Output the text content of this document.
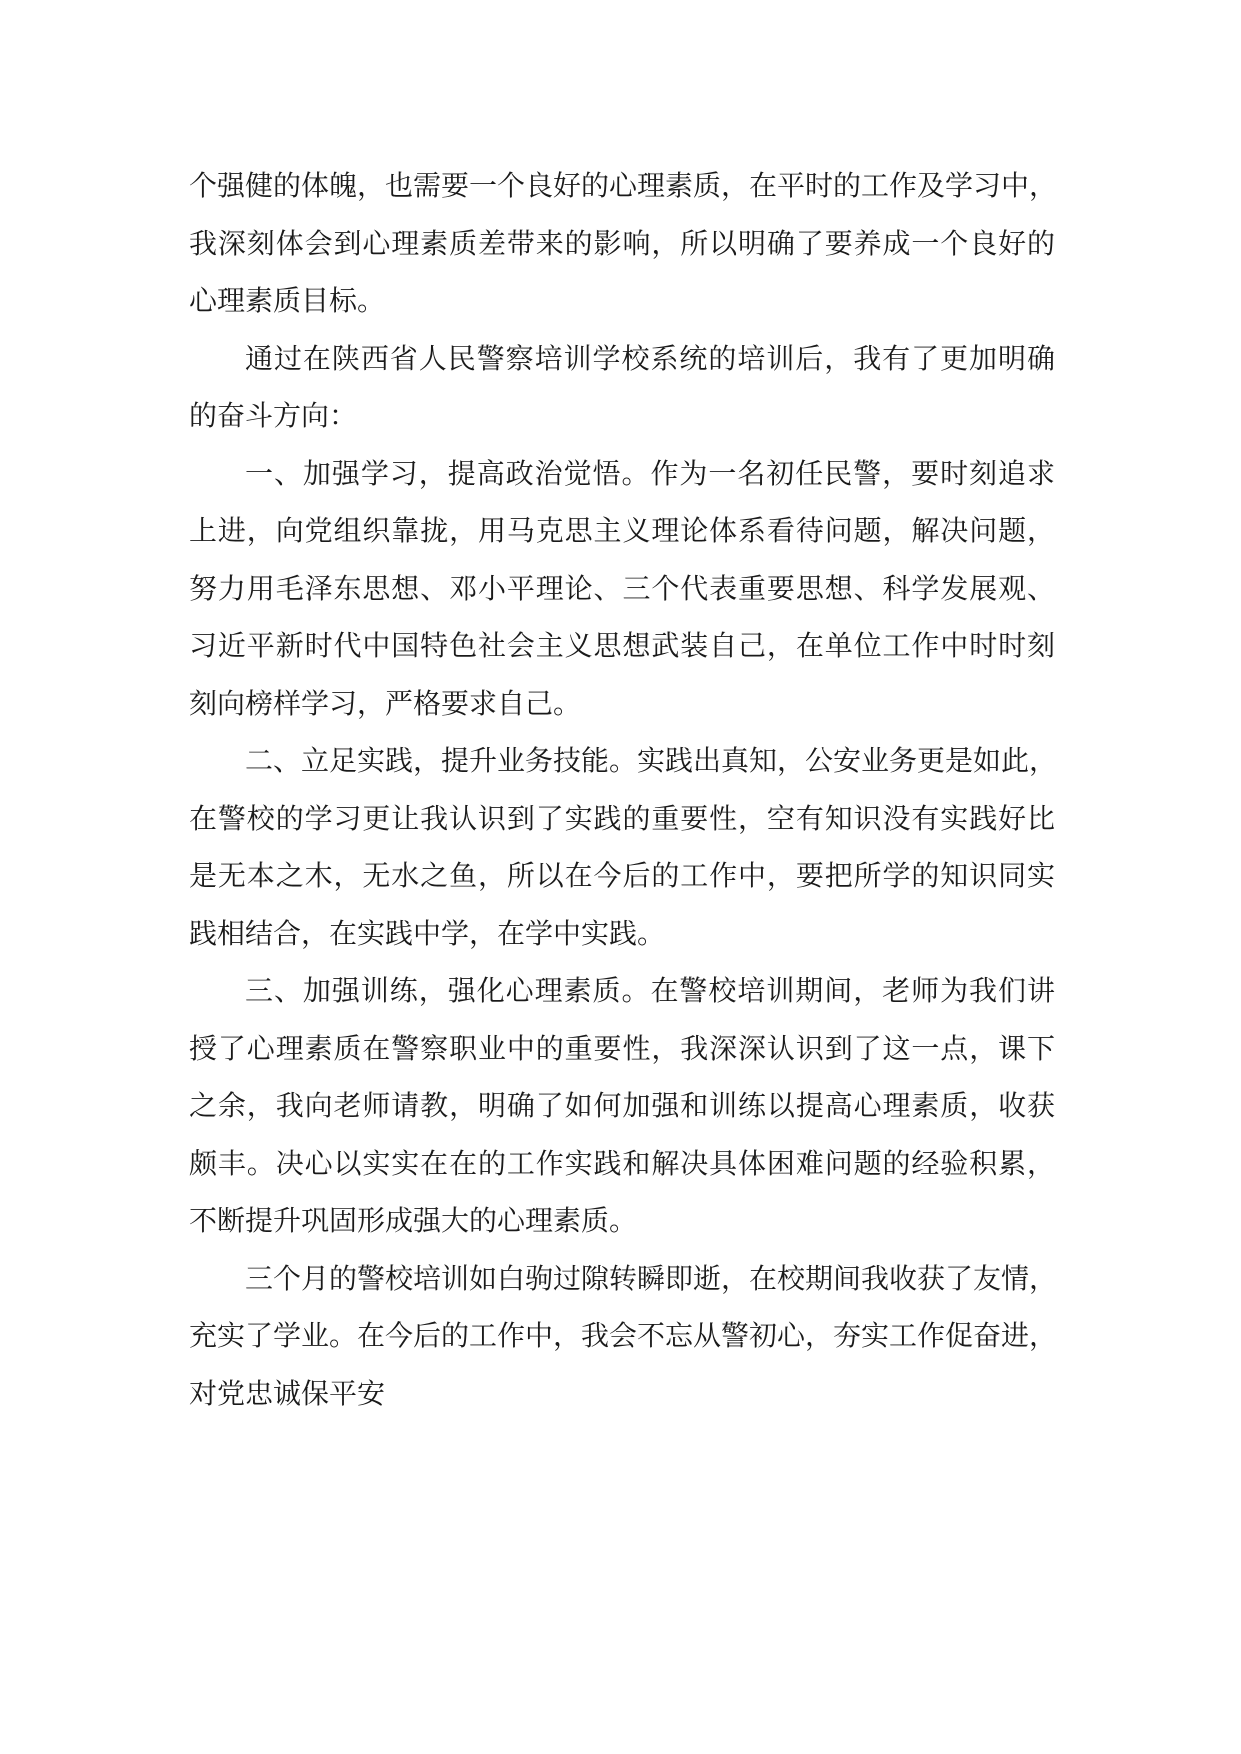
个强健的体魄，也需要一个良好的心理素质，在平时的工作及学习中，
我深刻体会到心理素质差带来的影响，所以明确了要养成一个良好的
心理素质目标。
通过在陕西省人民警察培训学校系统的培训后，我有了更加明确
的奋斗方向：
一、加强学习，提高政治觉悟。作为一名初任民警，要时刻追求
上进，向党组织靠拢，用马克思主义理论体系看待问题，解决问题，
努力用毛泽东思想、邓小平理论、三个代表重要思想、科学发展观、
习近平新时代中国特色社会主义思想武装自己，在单位工作中时时刻
刻向榜样学习，严格要求自己。
二、立足实践，提升业务技能。实践出真知，公安业务更是如此，
在警校的学习更让我认识到了实践的重要性，空有知识没有实践好比
是无本之木，无水之鱼，所以在今后的工作中，要把所学的知识同实
践相结合，在实践中学，在学中实践。
三、加强训练，强化心理素质。在警校培训期间，老师为我们讲
授了心理素质在警察职业中的重要性，我深深认识到了这一点，课下
之余，我向老师请教，明确了如何加强和训练以提高心理素质，收获
颇丰。决心以实实在在的工作实践和解决具体困难问题的经验积累，
不断提升巩固形成强大的心理素质。
三个月的警校培训如白驹过隙转瞬即逝，在校期间我收获了友情，
充实了学业。在今后的工作中，我会不忘从警初心，夯实工作促奋进，
对党忠诚保平安
